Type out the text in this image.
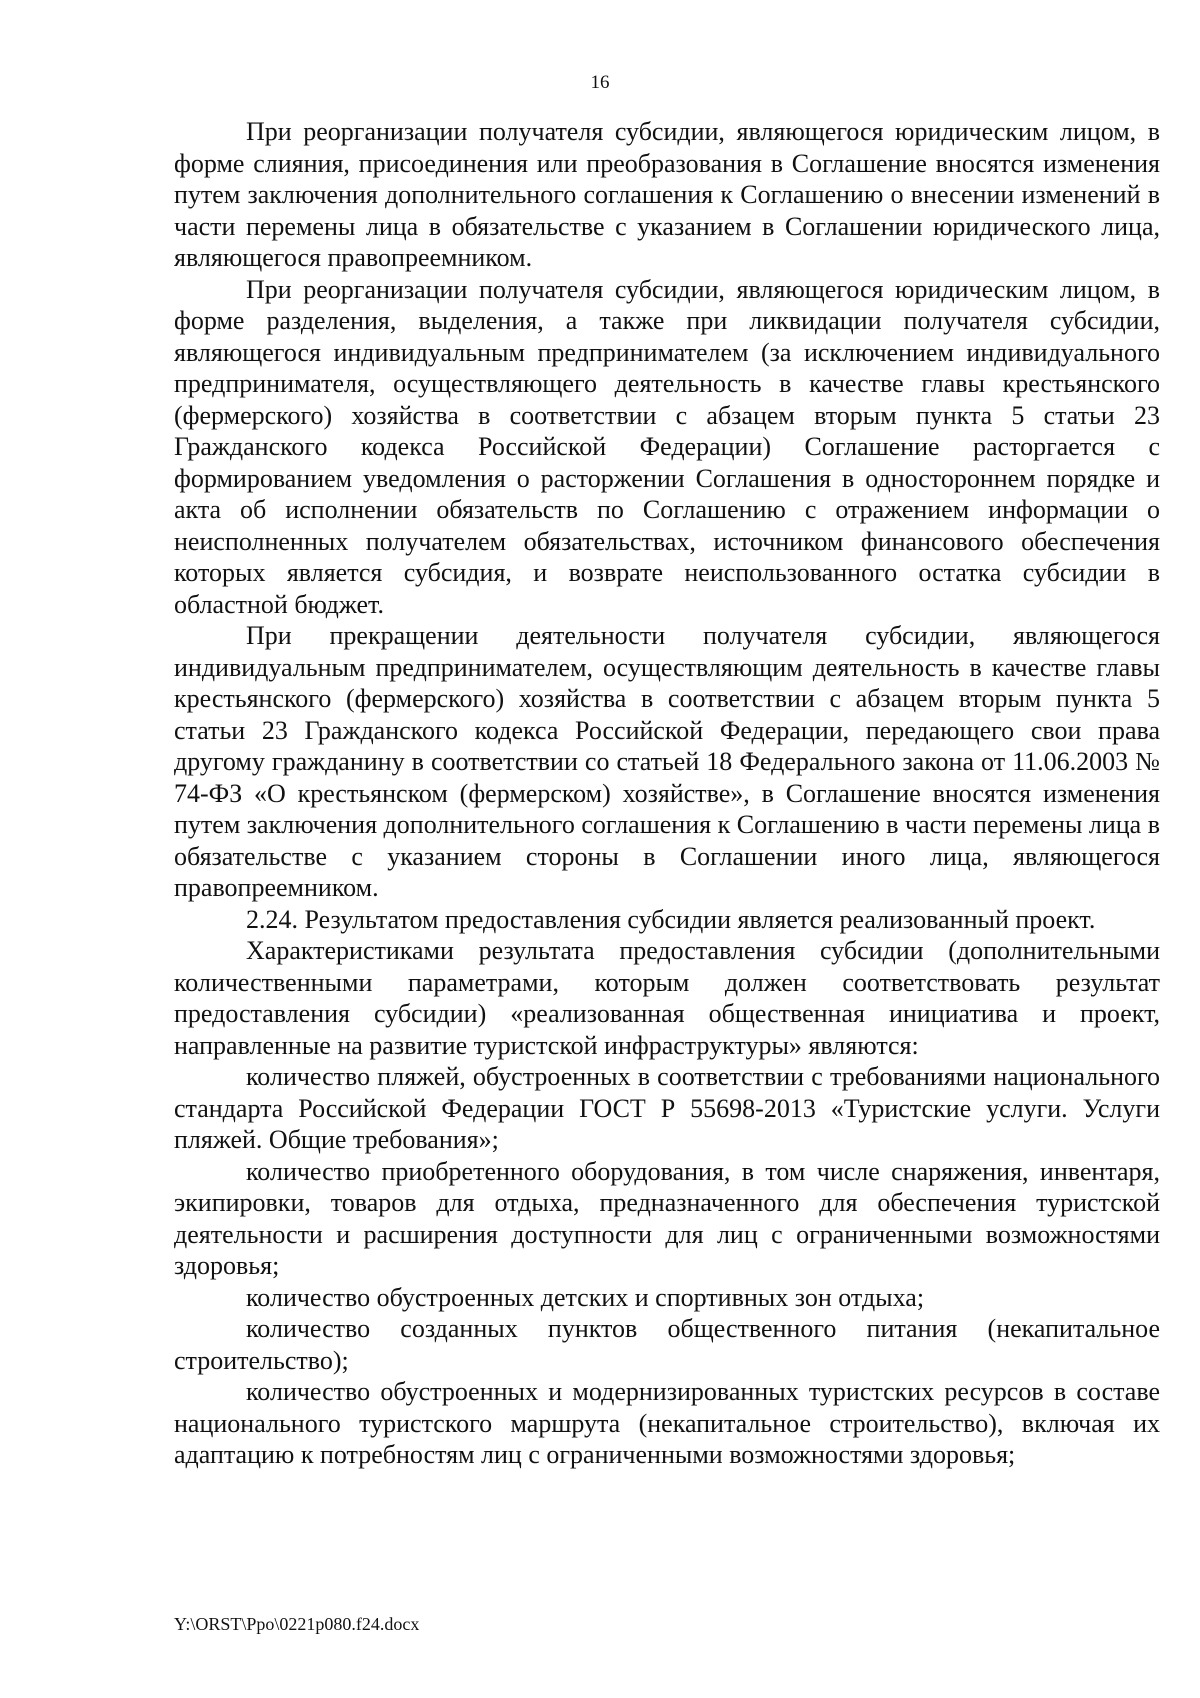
16

При реорганизации получателя субсидии, являющегося юридическим лицом, в форме слияния, присоединения или преобразования в Соглашение вносятся изменения путем заключения дополнительного соглашения к Соглашению о внесении изменений в части перемены лица в обязательстве с указанием в Соглашении юридического лица, являющегося правопреемником.

При реорганизации получателя субсидии, являющегося юридическим лицом, в форме разделения, выделения, а также при ликвидации получателя субсидии, являющегося индивидуальным предпринимателем (за исключением индивидуального предпринимателя, осуществляющего деятельность в качестве главы крестьянского (фермерского) хозяйства в соответствии с абзацем вторым пункта 5 статьи 23 Гражданского кодекса Российской Федерации) Соглашение расторгается с формированием уведомления о расторжении Соглашения в одностороннем порядке и акта об исполнении обязательств по Соглашению с отражением информации о неисполненных получателем обязательствах, источником финансового обеспечения которых является субсидия, и возврате неиспользованного остатка субсидии в областной бюджет.

При прекращении деятельности получателя субсидии, являющегося индивидуальным предпринимателем, осуществляющим деятельность в качестве главы крестьянского (фермерского) хозяйства в соответствии с абзацем вторым пункта 5 статьи 23 Гражданского кодекса Российской Федерации, передающего свои права другому гражданину в соответствии со статьей 18 Федерального закона от 11.06.2003 № 74-ФЗ «О крестьянском (фермерском) хозяйстве», в Соглашение вносятся изменения путем заключения дополнительного соглашения к Соглашению в части перемены лица в обязательстве с указанием стороны в Соглашении иного лица, являющегося правопреемником.

2.24. Результатом предоставления субсидии является реализованный проект.

Характеристиками результата предоставления субсидии (дополнительными количественными параметрами, которым должен соответствовать результат предоставления субсидии) «реализованная общественная инициатива и проект, направленные на развитие туристской инфраструктуры» являются:

количество пляжей, обустроенных в соответствии с требованиями национального стандарта Российской Федерации ГОСТ Р 55698-2013 «Туристские услуги. Услуги пляжей. Общие требования»;

количество приобретенного оборудования, в том числе снаряжения, инвентаря, экипировки, товаров для отдыха, предназначенного для обеспечения туристской деятельности и расширения доступности для лиц с ограниченными возможностями здоровья;

количество обустроенных детских и спортивных зон отдыха;

количество созданных пунктов общественного питания (некапитальное строительство);

количество обустроенных и модернизированных туристских ресурсов в составе национального туристского маршрута (некапитальное строительство), включая их адаптацию к потребностям лиц с ограниченными возможностями здоровья;

Y:\ORST\Ppo\0221p080.f24.docx
